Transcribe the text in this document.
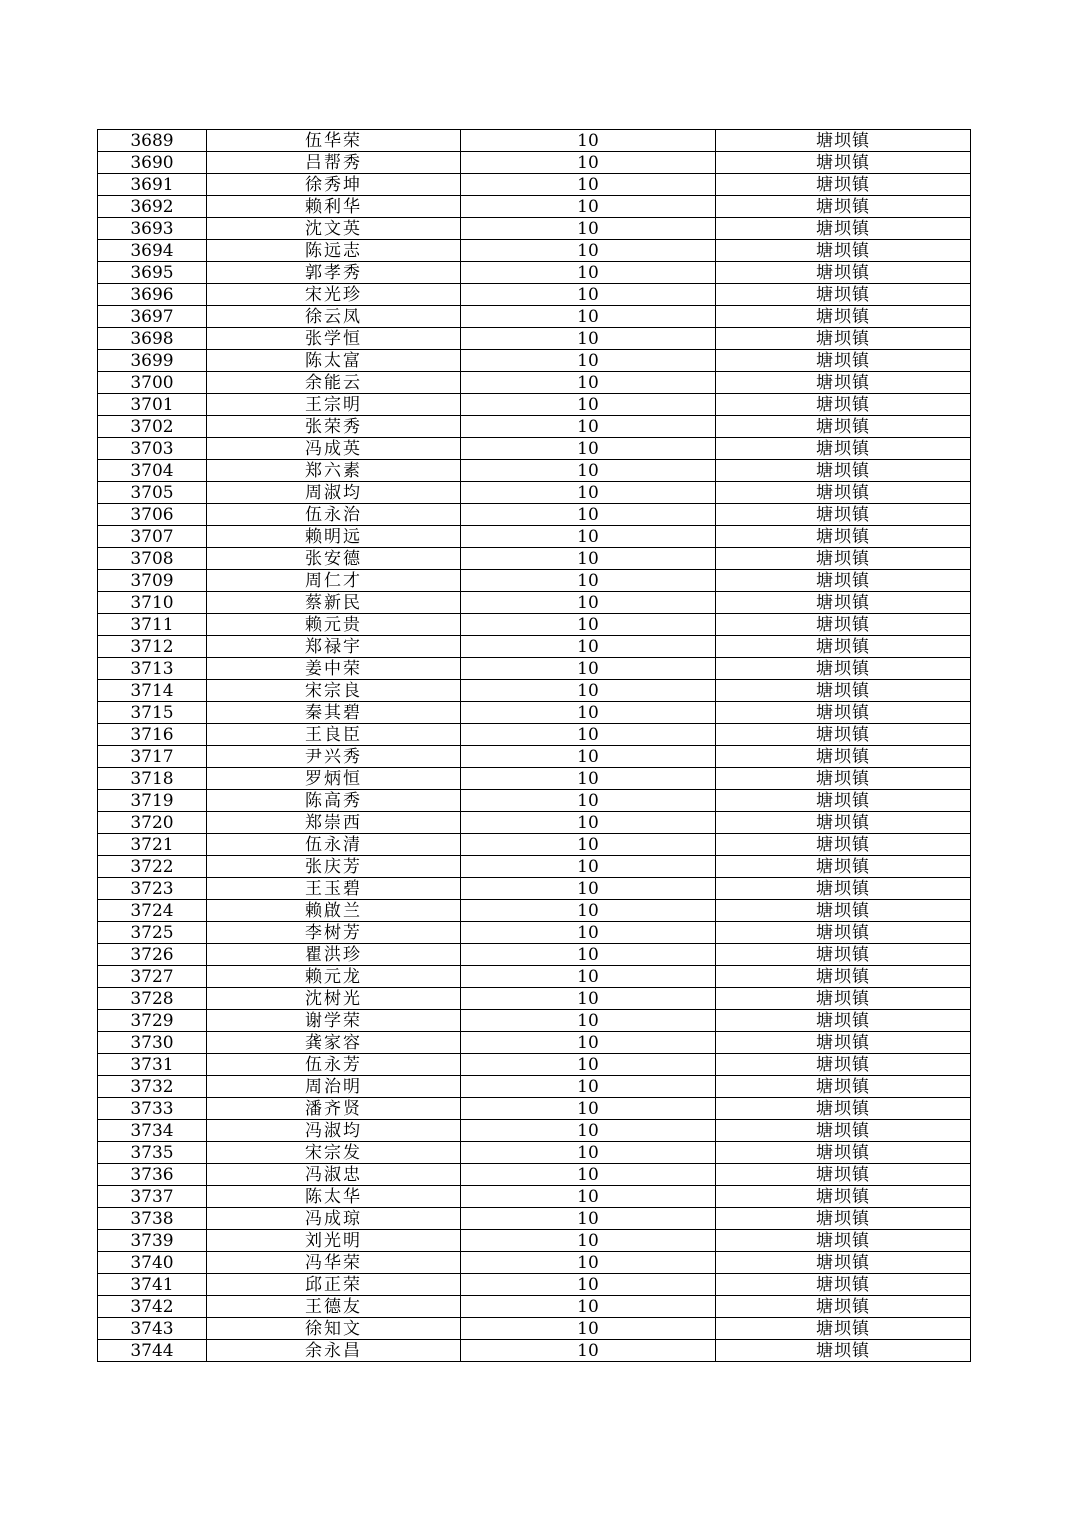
3689	伍华荣	10	塘坝镇
3690	吕帮秀	10	塘坝镇
3691	徐秀坤	10	塘坝镇
3692	赖利华	10	塘坝镇
3693	沈文英	10	塘坝镇
3694	陈远志	10	塘坝镇
3695	郭孝秀	10	塘坝镇
3696	宋光珍	10	塘坝镇
3697	徐云凤	10	塘坝镇
3698	张学恒	10	塘坝镇
3699	陈太富	10	塘坝镇
3700	余能云	10	塘坝镇
3701	王宗明	10	塘坝镇
3702	张荣秀	10	塘坝镇
3703	冯成英	10	塘坝镇
3704	郑六素	10	塘坝镇
3705	周淑均	10	塘坝镇
3706	伍永治	10	塘坝镇
3707	赖明远	10	塘坝镇
3708	张安德	10	塘坝镇
3709	周仁才	10	塘坝镇
3710	蔡新民	10	塘坝镇
3711	赖元贵	10	塘坝镇
3712	郑禄宇	10	塘坝镇
3713	姜中荣	10	塘坝镇
3714	宋宗良	10	塘坝镇
3715	秦其碧	10	塘坝镇
3716	王良臣	10	塘坝镇
3717	尹兴秀	10	塘坝镇
3718	罗炳恒	10	塘坝镇
3719	陈高秀	10	塘坝镇
3720	郑崇西	10	塘坝镇
3721	伍永清	10	塘坝镇
3722	张庆芳	10	塘坝镇
3723	王玉碧	10	塘坝镇
3724	赖啟兰	10	塘坝镇
3725	李树芳	10	塘坝镇
3726	瞿洪珍	10	塘坝镇
3727	赖元龙	10	塘坝镇
3728	沈树光	10	塘坝镇
3729	谢学荣	10	塘坝镇
3730	龚家容	10	塘坝镇
3731	伍永芳	10	塘坝镇
3732	周治明	10	塘坝镇
3733	潘齐贤	10	塘坝镇
3734	冯淑均	10	塘坝镇
3735	宋宗发	10	塘坝镇
3736	冯淑忠	10	塘坝镇
3737	陈太华	10	塘坝镇
3738	冯成琼	10	塘坝镇
3739	刘光明	10	塘坝镇
3740	冯华荣	10	塘坝镇
3741	邱正荣	10	塘坝镇
3742	王德友	10	塘坝镇
3743	徐知文	10	塘坝镇
3744	余永昌	10	塘坝镇
